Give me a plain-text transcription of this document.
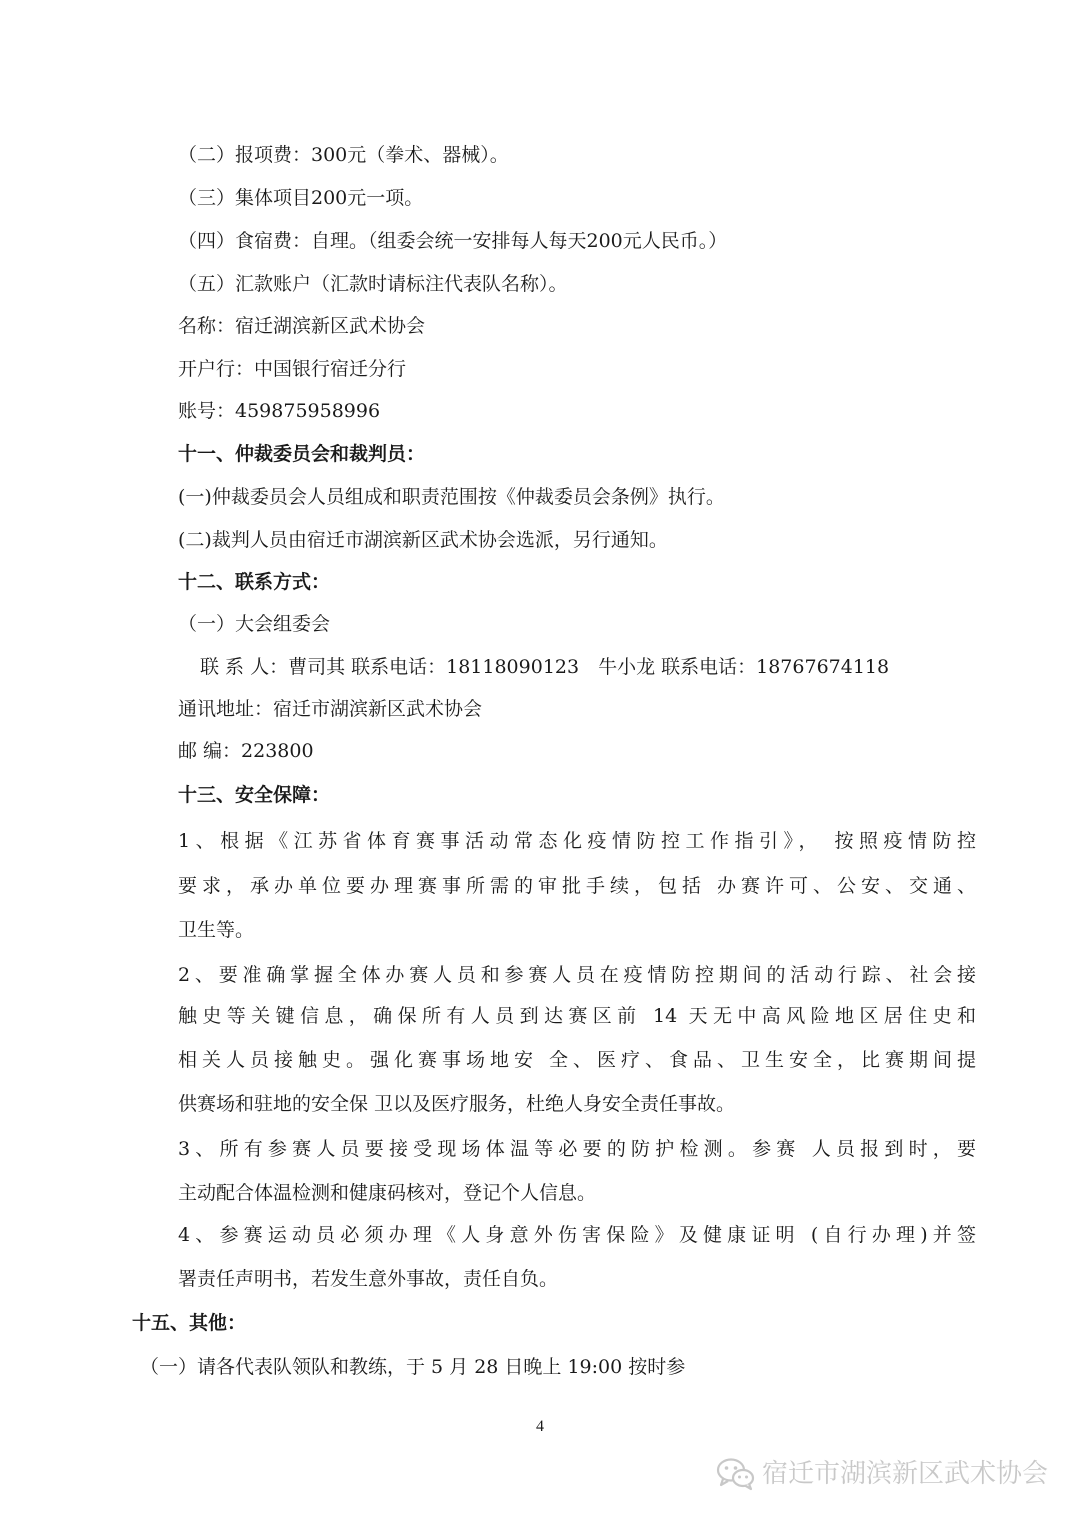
（二）报项费：300元（拳术、器械）。
（三）集体项目200元一项。
（四）食宿费：自理。（组委会统一安排每人每天200元人民币。）
（五）汇款账户（汇款时请标注代表队名称）。
名称：宿迁湖滨新区武术协会
开户行：中国银行宿迁分行
账号：459875958996
十一、仲裁委员会和裁判员：
(一)仲裁委员会人员组成和职责范围按《仲裁委员会条例》执行。
(二)裁判人员由宿迁市湖滨新区武术协会选派，另行通知。
十二、联系方式：
（一）大会组委会
联 系 人：曹司其 联系电话：18118090123　牛小龙 联系电话：18767674118
通讯地址：宿迁市湖滨新区武术协会
邮 编：223800
十三、安全保障：
1、根据《江苏省体育赛事活动常态化疫情防控工作指引》， 按照疫情防控
要求，承办单位要办理赛事所需的审批手续，包括 办赛许可、公安、交通、
卫生等。
2、要准确掌握全体办赛人员和参赛人员在疫情防控期间的活动行踪、社会接
触史等关键信息，确保所有人员到达赛区前 14 天无中高风险地区居住史和
相关人员接触史。强化赛事场地安 全、医疗、食品、卫生安全，比赛期间提
供赛场和驻地的安全保 卫以及医疗服务，杜绝人身安全责任事故。
3、所有参赛人员要接受现场体温等必要的防护检测。参赛 人员报到时，要
主动配合体温检测和健康码核对，登记个人信息。
4、参赛运动员必须办理《人身意外伤害保险》及健康证明 (自行办理)并签
署责任声明书，若发生意外事故，责任自负。
十五、其他：
（一）请各代表队领队和教练，于 5 月 28 日晚上 19:00 按时参
4
宿迁市湖滨新区武术协会
